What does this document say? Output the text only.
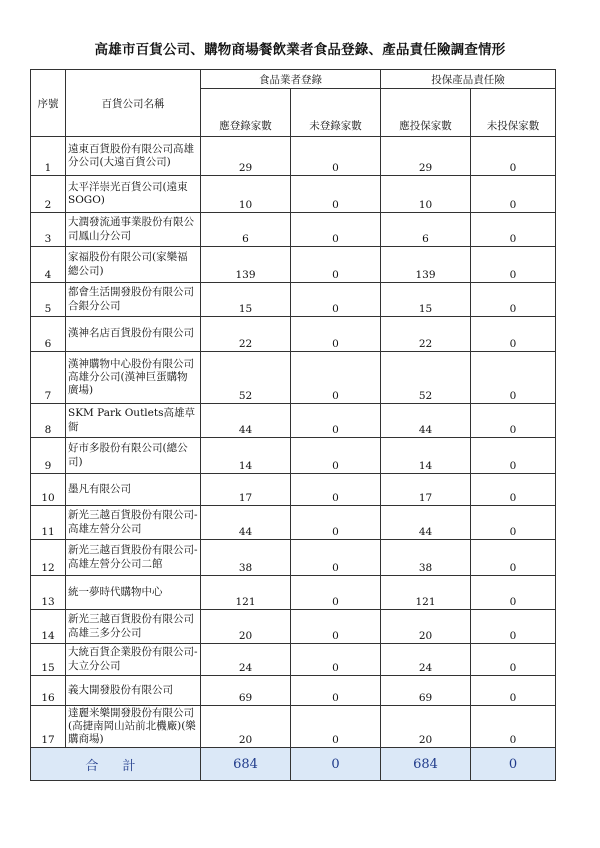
高雄市百貨公司、購物商場餐飲業者食品登錄、產品責任險調查情形
序號	百貨公司名稱	食品業者登錄		投保產品責任險	
		應登錄家數	未登錄家數	應投保家數	未投保家數
1	遠東百貨股份有限公司高雄分公司(大遠百貨公司)	29	0	29	0
2	太平洋崇光百貨公司(遠東SOGO)	10	0	10	0
3	大潤發流通事業股份有限公司鳳山分公司	6	0	6	0
4	家福股份有限公司(家樂福總公司)	139	0	139	0
5	都會生活開發股份有限公司合銀分公司	15	0	15	0
6	漢神名店百貨股份有限公司	22	0	22	0
7	漢神購物中心股份有限公司高雄分公司(漢神巨蛋購物廣場)	52	0	52	0
8	SKM Park Outlets高雄草衙	44	0	44	0
9	好市多股份有限公司(總公司)	14	0	14	0
10	墨凡有限公司	17	0	17	0
11	新光三越百貨股份有限公司-高雄左營分公司	44	0	44	0
12	新光三越百貨股份有限公司-高雄左營分公司二館	38	0	38	0
13	統一夢時代購物中心	121	0	121	0
14	新光三越百貨股份有限公司高雄三多分公司	20	0	20	0
15	大統百貨企業股份有限公司-大立分公司	24	0	24	0
16	義大開發股份有限公司	69	0	69	0
17	達麗米樂開發股份有限公司(高捷南岡山站前北機廠)(樂購商場)	20	0	20	0
合 計		684	0	684	0
